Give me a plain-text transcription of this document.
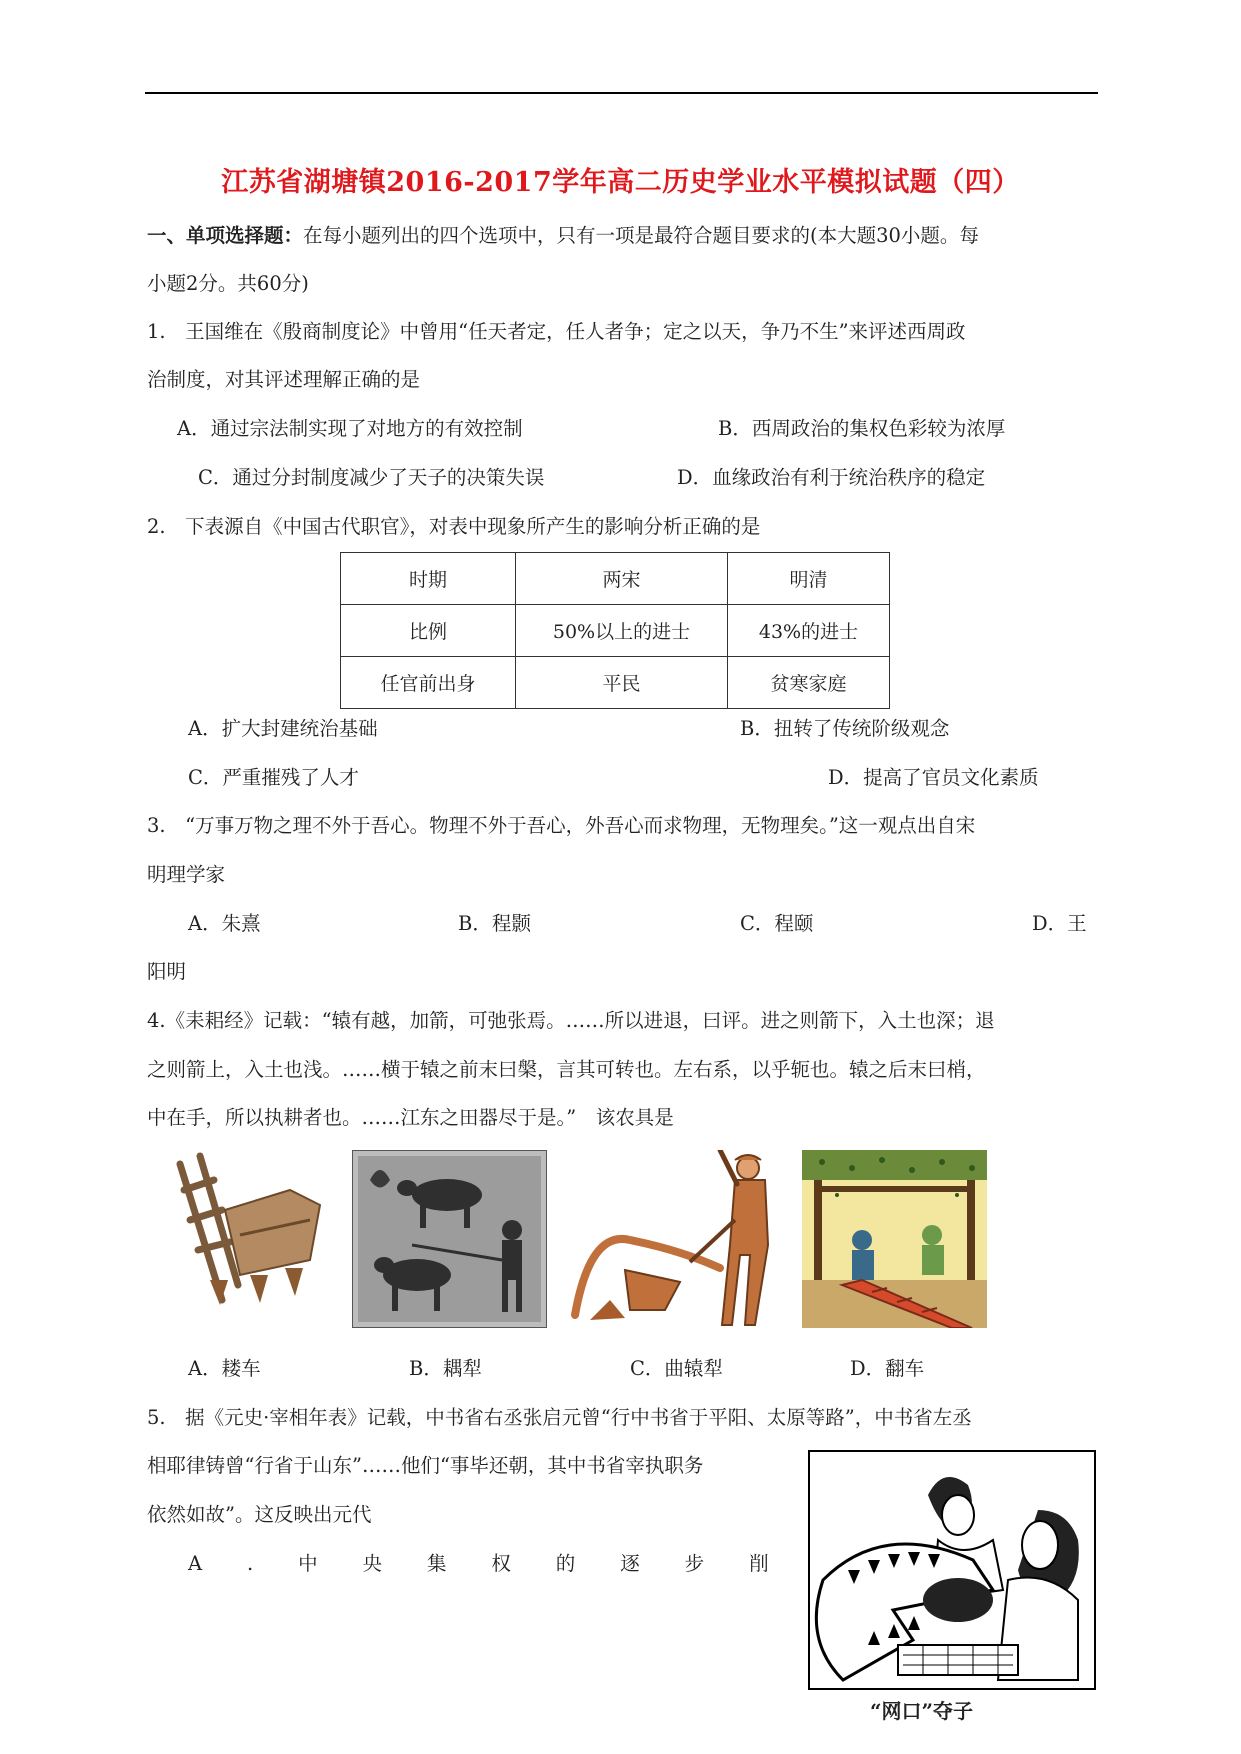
江苏省湖塘镇2016-2017学年高二历史学业水平模拟试题（四）
一、单项选择题：在每小题列出的四个选项中，只有一项是最符合题目要求的(本大题30小题。每
小题2分。共60分)
1.　王国维在《殷商制度论》中曾用“任天者定，任人者争；定之以天，争乃不生”来评述西周政
治制度，对其评述理解正确的是
A．通过宗法制实现了对地方的有效控制	B．西周政治的集权色彩较为浓厚
C．通过分封制度减少了天子的决策失误	D．血缘政治有利于统治秩序的稳定
2.　下表源自《中国古代职官》，对表中现象所产生的影响分析正确的是
时期	两宋	明清
比例	50%以上的进士	43%的进士
任官前出身	平民	贫寒家庭
A．扩大封建统治基础	B．扭转了传统阶级观念
C．严重摧残了人才	D．提高了官员文化素质
3.　“万事万物之理不外于吾心。物理不外于吾心，外吾心而求物理，无物理矣。”这一观点出自宋
明理学家
A．朱熹	B．程颢	C．程颐	D．王
阳明
4.《耒耜经》记载：“辕有越，加箭，可弛张焉。……所以进退，曰评。进之则箭下，入土也深；退
之则箭上，入土也浅。……横于辕之前末曰槃，言其可转也。左右系，以乎轭也。辕之后末曰梢，
中在手，所以执耕者也。……江东之田器尽于是。”　该农具是
A．耧车	B．耦犁	C．曲辕犁	D．翻车
5.　据《元史·宰相年表》记载，中书省右丞张启元曾“行中书省于平阳、太原等路”，中书省左丞
相耶律铸曾“行省于山东”……他们“事毕还朝，其中书省宰执职务
依然如故”。这反映出元代
A . 中 央 集 权 的 逐 步 削
“网口”夺子
